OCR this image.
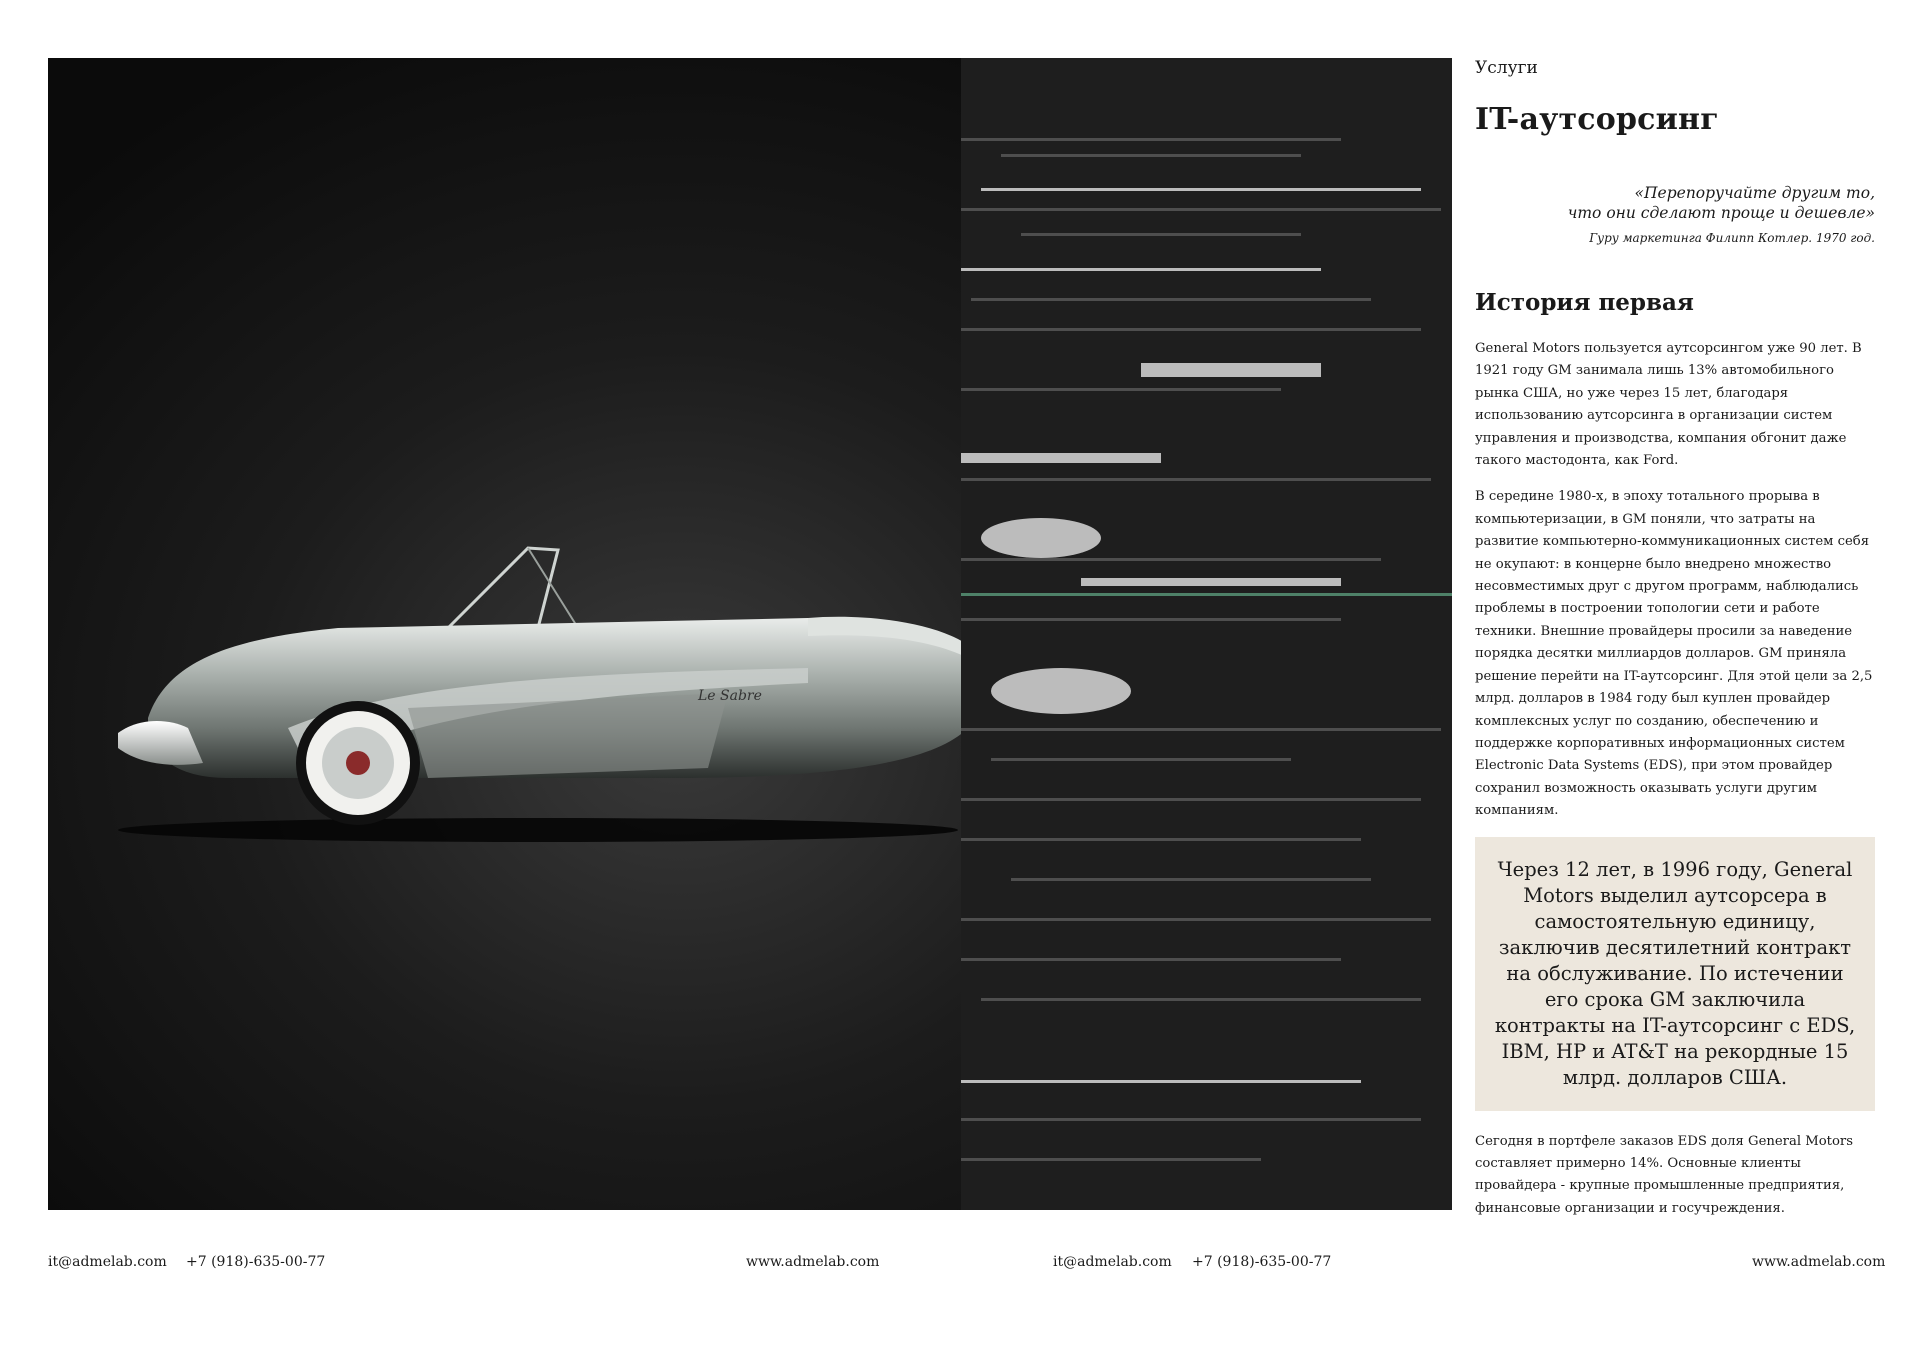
Le Sabre
Услуги
IT-аутсорсинг
«Перепоручайте другим то,
что они сделают проще и дешевле»
Гуру маркетинга Филипп Котлер. 1970 год.
История первая

General Motors пользуется аутсорсингом уже 90 лет. В 1921 году GM занимала лишь 13% автомобильного рынка США, но уже через 15 лет, благодаря использованию аутсорсинга в организации систем управления и производства, компания обгонит даже такого мастодонта, как Ford.

В середине 1980-х, в эпоху тотального прорыва в компьютеризации, в GM поняли, что затраты на развитие компьютерно-коммуникационных систем себя не окупают: в концерне было внедрено множество несовместимых друг с другом программ, наблюдались проблемы в построении топологии сети и работе техники. Внешние провайдеры просили за наведение порядка десятки миллиардов долларов. GM приняла решение перейти на IT-аутсорсинг. Для этой цели за 2,5 млрд. долларов в 1984 году был куплен провайдер комплексных услуг по созданию, обеспечению и поддержке корпоративных информационных систем Electronic Data Systems (EDS), при этом провайдер сохранил возможность оказывать услуги другим компаниям.

Через 12 лет, в 1996 году, General Motors выделил аутсорсера в самостоятельную единицу, заключив десятилетний контракт на обслуживание. По истечении его срока GM заключила контракты на IT-аутсорсинг с EDS, IBM, HP и AT&T на рекордные 15 млрд. долларов США.

Сегодня в портфеле заказов EDS доля General Motors составляет примерно 14%. Основные клиенты провайдера - крупные промышленные предприятия, финансовые организации и госучреждения.

it@admelab.com +7 (918)-635-00-77	www.admelab.com	it@admelab.com +7 (918)-635-00-77	www.admelab.com
